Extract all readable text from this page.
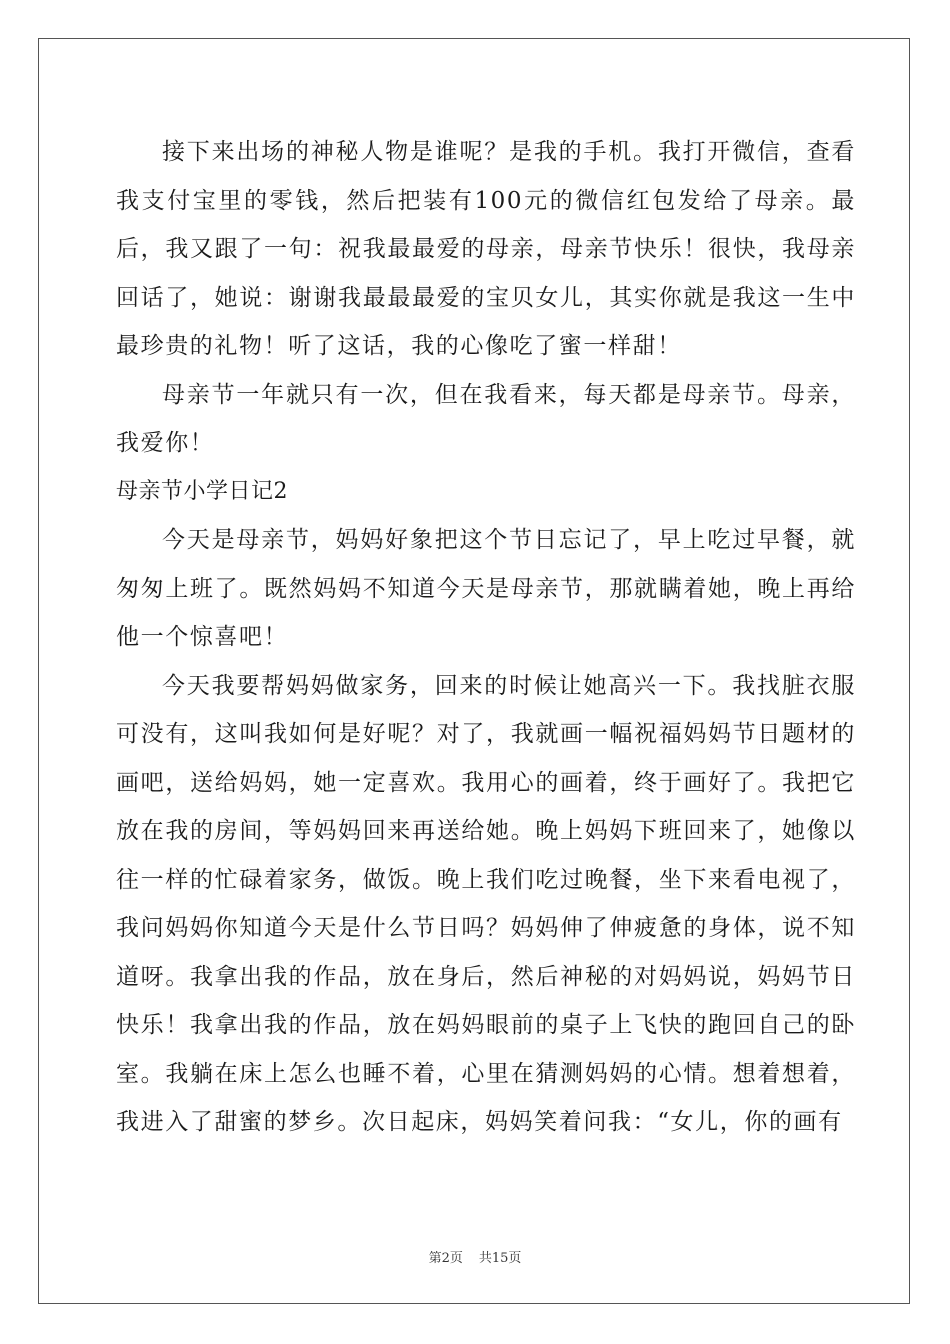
接下来出场的神秘人物是谁呢？是我的手机。我打开微信，查看我支付宝里的零钱，然后把装有100元的微信红包发给了母亲。最后，我又跟了一句：祝我最最爱的母亲，母亲节快乐！很快，我母亲回话了，她说：谢谢我最最最爱的宝贝女儿，其实你就是我这一生中最珍贵的礼物！听了这话，我的心像吃了蜜一样甜！

母亲节一年就只有一次，但在我看来，每天都是母亲节。母亲，我爱你！

母亲节小学日记2

今天是母亲节，妈妈好象把这个节日忘记了，早上吃过早餐，就匆匆上班了。既然妈妈不知道今天是母亲节，那就瞒着她，晚上再给他一个惊喜吧！

今天我要帮妈妈做家务，回来的时候让她高兴一下。我找脏衣服可没有，这叫我如何是好呢？对了，我就画一幅祝福妈妈节日题材的画吧，送给妈妈，她一定喜欢。我用心的画着，终于画好了。我把它放在我的房间，等妈妈回来再送给她。晚上妈妈下班回来了，她像以往一样的忙碌着家务，做饭。晚上我们吃过晚餐，坐下来看电视了，我问妈妈你知道今天是什么节日吗？妈妈伸了伸疲惫的身体，说不知道呀。我拿出我的作品，放在身后，然后神秘的对妈妈说，妈妈节日快乐！我拿出我的作品，放在妈妈眼前的桌子上飞快的跑回自己的卧室。我躺在床上怎么也睡不着，心里在猜测妈妈的心情。想着想着，我进入了甜蜜的梦乡。次日起床，妈妈笑着问我：“女儿，你的画有

第2页 共15页
